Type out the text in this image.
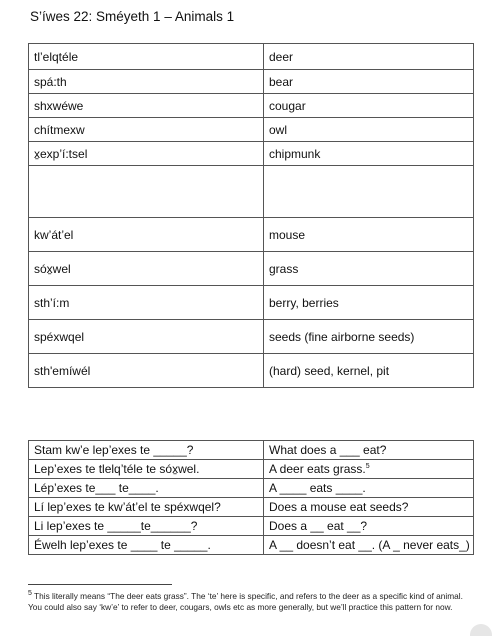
S’íwes 22: Sméyeth 1 – Animals 1
tl’elqtéle	deer
spá:th	bear
shxwéwe	cougar
chítmexw	owl
x̱exp’í:tsel	chipmunk

kw’át’el	mouse
sóx̱wel	grass
sth’í:m	berry, berries
spéxwqel	seeds (fine airborne seeds)
sth'emíwél	(hard) seed, kernel, pit
Stam kw’e lep’exes te _____?	What does a ___ eat?
Lep’exes te tlelq’téle te sóx̱wel.	A deer eats grass.$^5$
Lép’exes te___ te____.	A ____ eats ____.
Lí lep’exes te kw’át’el te spéxwqel?	Does a mouse eat seeds?
Li lep’exes te _____te______?	Does a __ eat __?
Éwelh lep’exes te ____ te _____.	A __ doesn’t eat __. (A _ never eats_)
$^5$ This literally means “The deer eats grass”. The ‘te’ here is specific, and refers to the deer as a specific kind of animal. You could also say ‘kw’e’ to refer to deer, cougars, owls etc as more generally, but we’ll practice this pattern for now.
